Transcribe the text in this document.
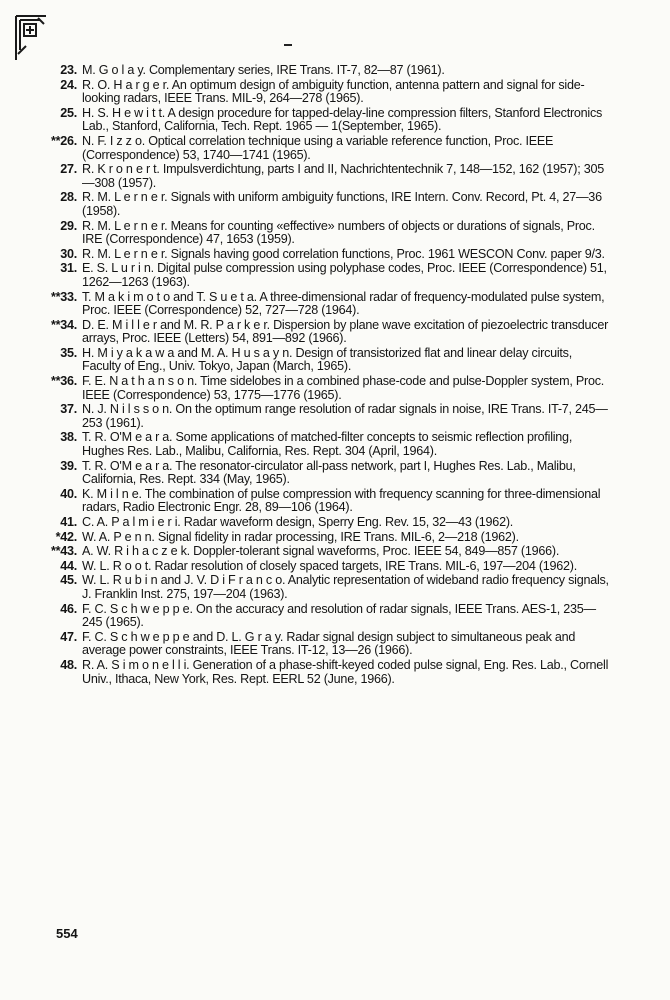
23. M. G o l a y. Complementary series, IRE Trans. IT-7, 82—87 (1961).
24. R. O. H a r g e r. An optimum design of ambiguity function, antenna pattern and signal for side-looking radars, IEEE Trans. MIL-9, 264—278 (1965).
25. H. S. H e w i t t. A design procedure for tapped-delay-line compression filters, Stanford Electronics Lab., Stanford, California, Tech. Rept. 1965 — 1(September, 1965).
**26. N. F. I z z o. Optical correlation technique using a variable reference function, Proc. IEEE (Correspondence) 53, 1740—1741 (1965).
27. R. K r o n e r t. Impulsverdichtung, parts I and II, Nachrichtentechnik 7, 148—152, 162 (1957); 305—308 (1957).
28. R. M. L e r n e r. Signals with uniform ambiguity functions, IRE Intern. Conv. Record, Pt. 4, 27—36 (1958).
29. R. M. L e r n e r. Means for counting «effective» numbers of objects or durations of signals, Proc. IRE (Correspondence) 47, 1653 (1959).
30. R. M. L e r n e r. Signals having good correlation functions, Proc. 1961 WESCON Conv. paper 9/3.
31. E. S. L u r i n. Digital pulse compression using polyphase codes, Proc. IEEE (Correspondence) 51, 1262—1263 (1963).
**33. T. M a k i m o t o and T. S u e t a. A three-dimensional radar of frequency-modulated pulse system, Proc. IEEE (Correspondence) 52, 727—728 (1964).
**34. D. E. M i l l e r and M. R. P a r k e r. Dispersion by plane wave excitation of piezoelectric transducer arrays, Proc. IEEE (Letters) 54, 891—892 (1966).
35. H. M i y a k a w a and M. A. H u s a y n. Design of transistorized flat and linear delay circuits, Faculty of Eng., Univ. Tokyo, Japan (March, 1965).
**36. F. E. N a t h a n s o n. Time sidelobes in a combined phase-code and pulse-Doppler system, Proc. IEEE (Correspondence) 53, 1775—1776 (1965).
37. N. J. N i l s s o n. On the optimum range resolution of radar signals in noise, IRE Trans. IT-7, 245—253 (1961).
38. T. R. O'M e a r a. Some applications of matched-filter concepts to seismic reflection profiling, Hughes Res. Lab., Malibu, California, Res. Rept. 304 (April, 1964).
39. T. R. O'M e a r a. The resonator-circulator all-pass network, part I, Hughes Res. Lab., Malibu, California, Res. Rept. 334 (May, 1965).
40. K. M i l n e. The combination of pulse compression with frequency scanning for three-dimensional radars, Radio Electronic Engr. 28, 89—106 (1964).
41. C. A. P a l m i e r i. Radar waveform design, Sperry Eng. Rev. 15, 32—43 (1962).
*42. W. A. P e n n. Signal fidelity in radar processing, IRE Trans. MIL-6, 2—218 (1962).
**43. A. W. R i h a c z e k. Doppler-tolerant signal waveforms, Proc. IEEE 54, 849—857 (1966).
44. W. L. R o o t. Radar resolution of closely spaced targets, IRE Trans. MIL-6, 197—204 (1962).
45. W. L. R u b i n and J. V. D i F r a n c o. Analytic representation of wideband radio frequency signals, J. Franklin Inst. 275, 197—204 (1963).
46. F. C. S c h w e p p e. On the accuracy and resolution of radar signals, IEEE Trans. AES-1, 235—245 (1965).
47. F. C. S c h w e p p e and D. L. G r a y. Radar signal design subject to simultaneous peak and average power constraints, IEEE Trans. IT-12, 13—26 (1966).
48. R. A. S i m o n e l l i. Generation of a phase-shift-keyed coded pulse signal, Eng. Res. Lab., Cornell Univ., Ithaca, New York, Res. Rept. EERL 52 (June, 1966).
554
